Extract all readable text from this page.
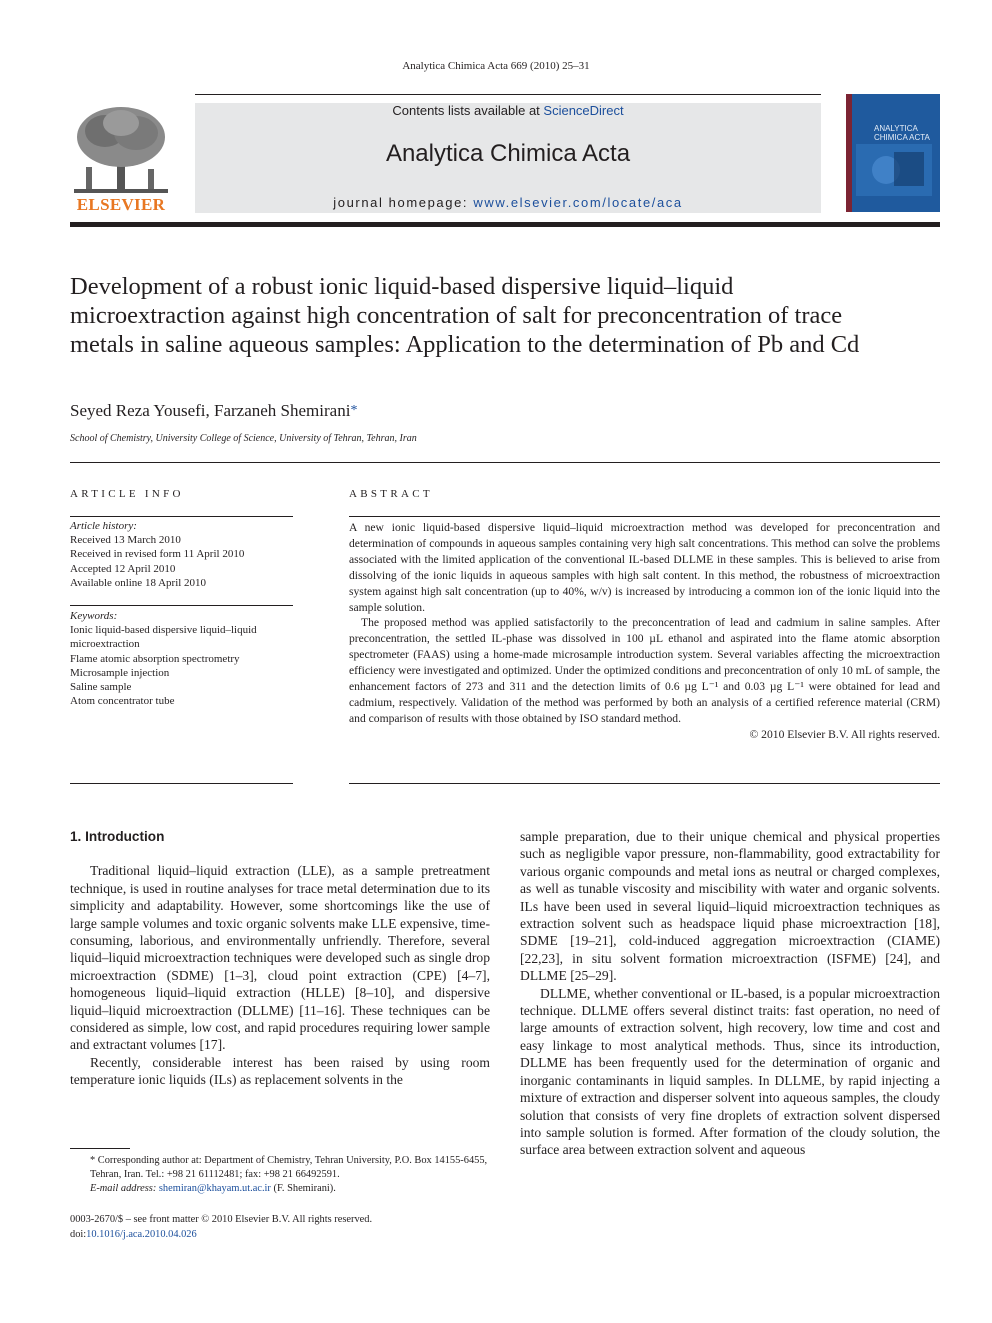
Analytica Chimica Acta 669 (2010) 25–31
ELSEVIER
Contents lists available at ScienceDirect
Analytica Chimica Acta
journal homepage: www.elsevier.com/locate/aca
ANALYTICA
CHIMICA ACTA
Development of a robust ionic liquid-based dispersive liquid–liquid microextraction against high concentration of salt for preconcentration of trace metals in saline aqueous samples: Application to the determination of Pb and Cd
Seyed Reza Yousefi, Farzaneh Shemirani*
School of Chemistry, University College of Science, University of Tehran, Tehran, Iran
ARTICLE INFO
Article history:
Received 13 March 2010
Received in revised form 11 April 2010
Accepted 12 April 2010
Available online 18 April 2010
Keywords:
Ionic liquid-based dispersive liquid–liquid microextraction
Flame atomic absorption spectrometry
Microsample injection
Saline sample
Atom concentrator tube
ABSTRACT

A new ionic liquid-based dispersive liquid–liquid microextraction method was developed for preconcentration and determination of compounds in aqueous samples containing very high salt concentrations. This method can solve the problems associated with the limited application of the conventional IL-based DLLME in these samples. This is believed to arise from dissolving of the ionic liquids in aqueous samples with high salt content. In this method, the robustness of microextraction system against high salt concentration (up to 40%, w/v) is increased by introducing a common ion of the ionic liquid into the sample solution.

The proposed method was applied satisfactorily to the preconcentration of lead and cadmium in saline samples. After preconcentration, the settled IL-phase was dissolved in 100 µL ethanol and aspirated into the flame atomic absorption spectrometer (FAAS) using a home-made microsample introduction system. Several variables affecting the microextraction efficiency were investigated and optimized. Under the optimized conditions and preconcentration of only 10 mL of sample, the enhancement factors of 273 and 311 and the detection limits of 0.6 µg L⁻¹ and 0.03 µg L⁻¹ were obtained for lead and cadmium, respectively. Validation of the method was performed by both an analysis of a certified reference material (CRM) and comparison of results with those obtained by ISO standard method.

© 2010 Elsevier B.V. All rights reserved.
1. Introduction

Traditional liquid–liquid extraction (LLE), as a sample pretreatment technique, is used in routine analyses for trace metal determination due to its simplicity and adaptability. However, some shortcomings like the use of large sample volumes and toxic organic solvents make LLE expensive, time-consuming, laborious, and environmentally unfriendly. Therefore, several liquid–liquid microextraction techniques were developed such as single drop microextraction (SDME) [1–3], cloud point extraction (CPE) [4–7], homogeneous liquid–liquid extraction (HLLE) [8–10], and dispersive liquid–liquid microextraction (DLLME) [11–16]. These techniques can be considered as simple, low cost, and rapid procedures requiring lower sample and extractant volumes [17].

Recently, considerable interest has been raised by using room temperature ionic liquids (ILs) as replacement solvents in the

sample preparation, due to their unique chemical and physical properties such as negligible vapor pressure, non-flammability, good extractability for various organic compounds and metal ions as neutral or charged complexes, as well as tunable viscosity and miscibility with water and organic solvents. ILs have been used in several liquid–liquid microextraction techniques as extraction solvent such as headspace liquid phase microextraction [18], SDME [19–21], cold-induced aggregation microextraction (CIAME) [22,23], in situ solvent formation microextraction (ISFME) [24], and DLLME [25–29].

DLLME, whether conventional or IL-based, is a popular microextraction technique. DLLME offers several distinct traits: fast operation, no need of large amounts of extraction solvent, high recovery, low time and cost and easy linkage to most analytical methods. Thus, since its introduction, DLLME has been frequently used for the determination of organic and inorganic contaminants in liquid samples. In DLLME, by rapid injecting a mixture of extraction and disperser solvent into aqueous samples, the cloudy solution that consists of very fine droplets of extraction solvent dispersed into sample solution is formed. After formation of the cloudy solution, the surface area between extraction solvent and aqueous

* Corresponding author at: Department of Chemistry, Tehran University, P.O. Box 14155-6455, Tehran, Iran. Tel.: +98 21 61112481; fax: +98 21 66492591.

E-mail address: shemiran@khayam.ut.ac.ir (F. Shemirani).

0003-2670/$ – see front matter © 2010 Elsevier B.V. All rights reserved.

doi:10.1016/j.aca.2010.04.026
